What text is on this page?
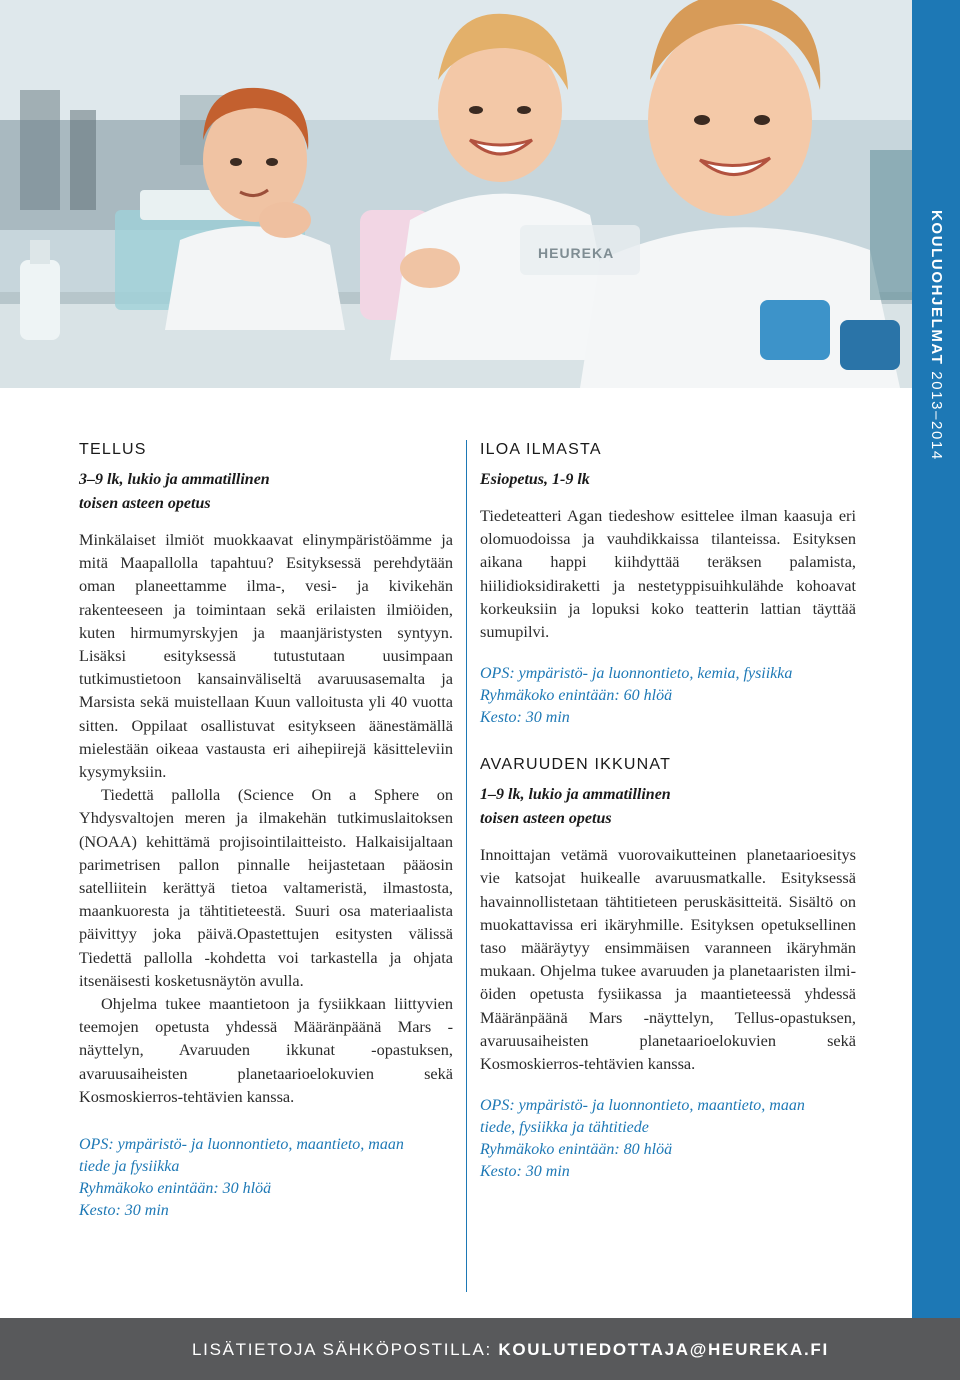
HEUREKA	KOULUOHJELMAT 2013–2014
TELLUS
3–9 lk, lukio ja ammatillinen
toisen asteen opetus

Minkälaiset ilmiöt muokkaavat elinympäristöämme ja mitä Maapallolla tapahtuu? Esityksessä perehdytään oman planeettamme ilma-, vesi- ja kivikehän rakenteeseen ja toimintaan sekä erilaisten ilmiöiden, kuten hirmumyrskyjen ja maanjäristysten syntyyn. Lisäksi esityksessä tutustutaan uusimpaan tutkimustietoon kansainväliseltä avaruusasemalta ja Marsista sekä muistellaan Kuun valloitusta yli 40 vuotta sitten. Oppilaat osallistuvat esitykseen äänestämällä mielestään oikeaa vastausta eri aihepiirejä käsitteleviin kysymyksiin.

Tiedettä pallolla (Science On a Sphere on Yhdysvaltojen meren ja ilmakehän tutkimuslaitoksen (NOAA) kehittämä projisointilaitteisto. Halkaisijaltaan parimetrisen pallon pinnalle heijastetaan pääosin satelliitein kerättyä tietoa valtameristä, ilmastosta, maankuoresta ja tähtitieteestä. Suuri osa materiaalista päivittyy joka päivä.Opastettujen esitysten välissä Tiedettä pallolla -kohdetta voi tarkastella ja ohjata itsenäisesti kosketusnäytön avulla.

Ohjelma tukee maantietoon ja fysiikkaan liittyvien teemojen opetusta yhdessä Määränpäänä Mars -näyttelyn, Avaruuden ikkunat -opastuksen, avaruusaiheisten planetaarioelokuvien sekä Kosmoskierros-tehtävien kanssa.

OPS: ympäristö- ja luonnontieto, maantieto, maan
tiede ja fysiikka
Ryhmäkoko enintään: 30 hlöä
Kesto: 30 min
ILOA ILMASTA
Esiopetus, 1-9 lk

Tiedeteatteri Agan tiedeshow esittelee ilman kaasuja eri olomuodoissa ja vauhdikkaissa tilanteissa. Esityksen aikana happi kiihdyttää teräksen palamista, hiilidioksidiraketti ja nestetyppisuihkulähde kohoavat korkeuksiin ja lopuksi koko teatterin lattian täyttää sumupilvi.

OPS: ympäristö- ja luonnontieto, kemia, fysiikka
Ryhmäkoko enintään: 60 hlöä
Kesto: 30 min
AVARUUDEN IKKUNAT
1–9 lk, lukio ja ammatillinen
toisen asteen opetus

Innoittajan vetämä vuorovaikutteinen planetaarioesitys vie katsojat huikealle avaruusmatkalle. Esityksessä havainnollistetaan tähtitieteen peruskäsitteitä. Sisältö on muokattavissa eri ikäryhmille. Esityksen opetuksellinen taso määräytyy ensimmäisen varanneen ikäryhmän mukaan. Ohjelma tukee avaruuden ja planetaaristen ilmiöiden opetusta fysiikassa ja maantieteessä yhdessä Määränpäänä Mars -näyttelyn, Tellus-opastuksen, avaruusaiheisten planetaarioelokuvien sekä Kosmoskierros-tehtävien kanssa.

OPS: ympäristö- ja luonnontieto, maantieto, maan
tiede, fysiikka ja tähtitiede
Ryhmäkoko enintään: 80 hlöä
Kesto: 30 min
LISÄTIETOJA SÄHKÖPOSTILLA: KOULUTIEDOTTAJA@HEUREKA.FI
